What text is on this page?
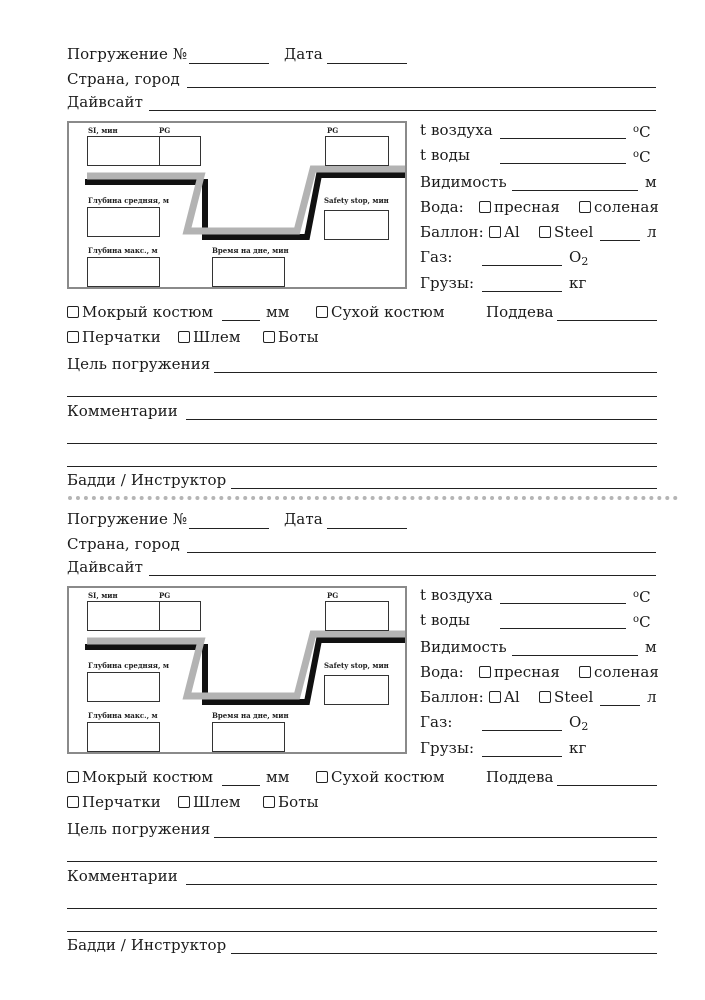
Погружение №	Дата
Страна, город
Дайвсайт
SI, мин	PG	PG
Глубина средняя, м	Safety stop, мин
Глубина макс., м	Время на дне, мин
t воздуха	$^о$С
t воды	$^о$С
Видимость	м
Вода:	пресная	соленая
Баллон:	Al	Steel	л
Газ:	$O_2$
Грузы:	кг
Мокрый костюм	мм	Сухой костюм	Поддева
Перчатки	Шлем	Боты
Цель погружения
Комментарии
Бадди / Инструктор
Погружение №	Дата
Страна, город
Дайвсайт
SI, мин	PG	PG
Глубина средняя, м	Safety stop, мин
Глубина макс., м	Время на дне, мин
t воздуха	$^о$С
t воды	$^о$С
Видимость	м
Вода:	пресная	соленая
Баллон:	Al	Steel	л
Газ:	$O_2$
Грузы:	кг
Мокрый костюм	мм	Сухой костюм	Поддева
Перчатки	Шлем	Боты
Цель погружения
Комментарии
Бадди / Инструктор
